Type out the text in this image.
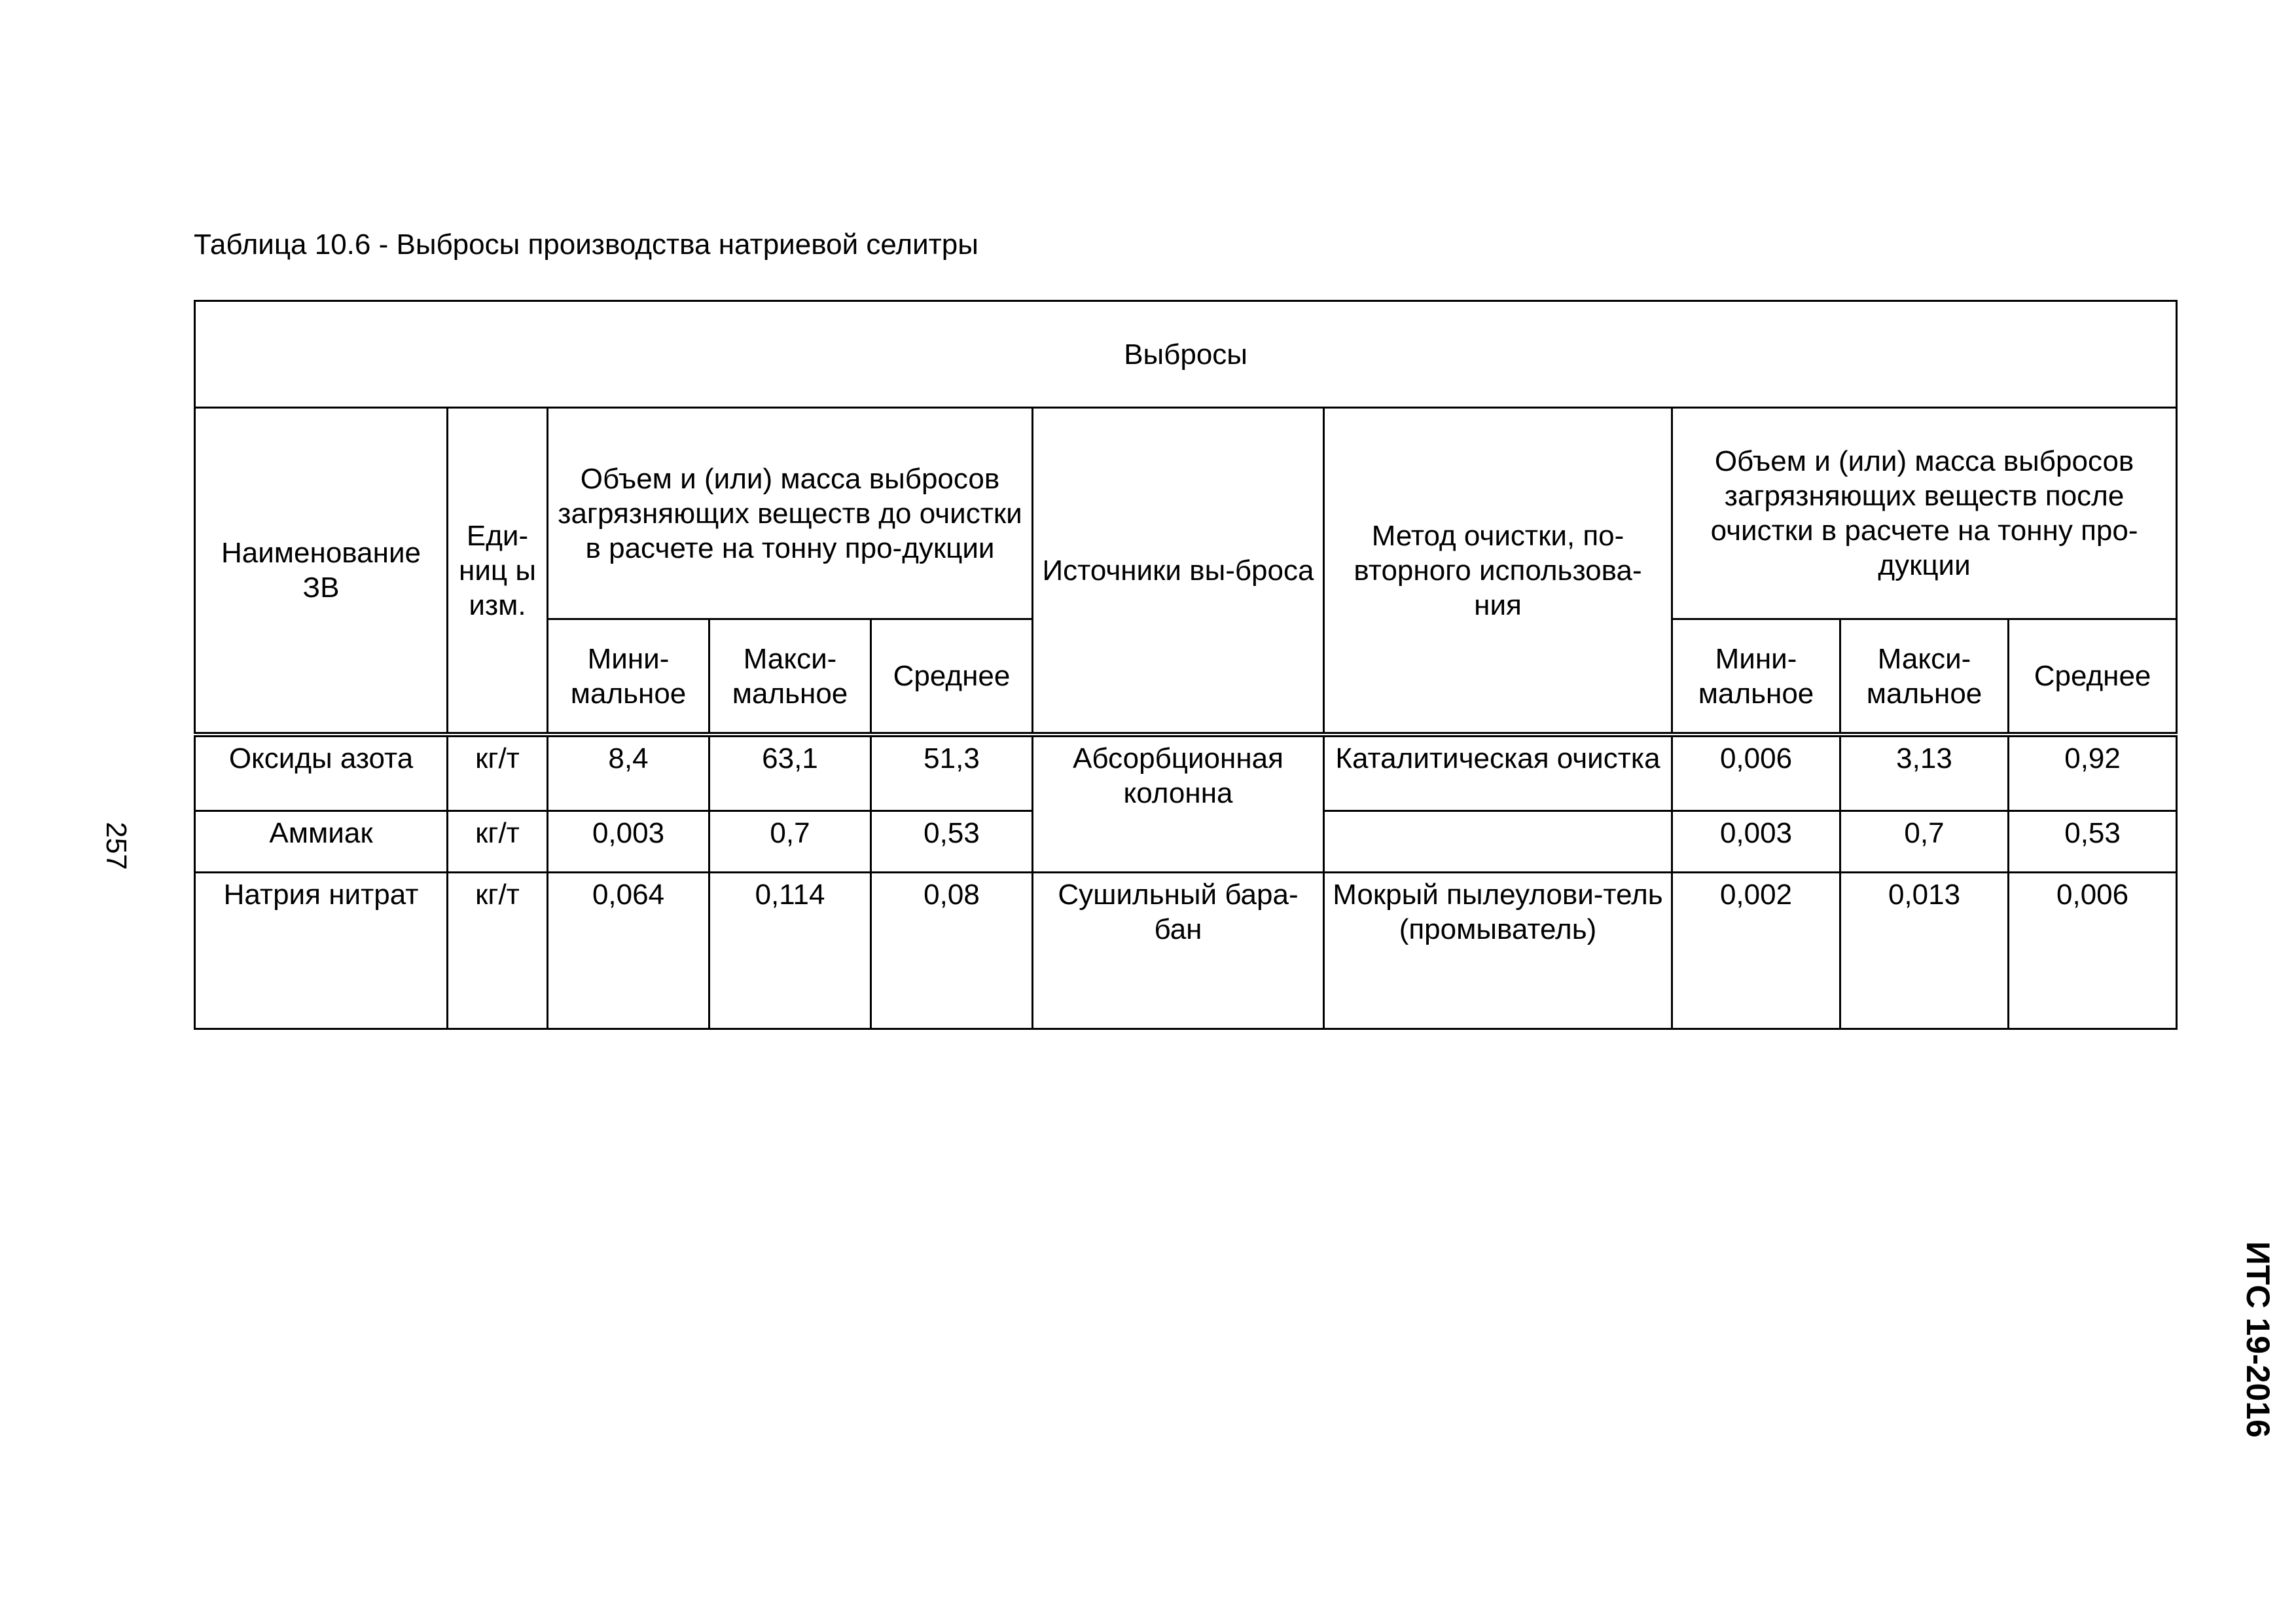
Таблица 10.6 - Выбросы производства натриевой селитры
Выбросы									
Наименование ЗВ	Еди-ниц ы изм.	Объем и (или) масса выбросов загрязняющих веществ до очистки в расчете на тонну про-дукции			Источники вы-броса	Метод очистки, по-вторного использова-ния	Объем и (или) масса выбросов загрязняющих веществ после очистки в расчете на тонну про-дукции		
		Мини-мальное	Макси-мальное	Среднее			Мини-мальное	Макси-мальное	Среднее
Оксиды азота	кг/т	8,4	63,1	51,3	Абсорбционная колонна	Каталитическая очистка	0,006	3,13	0,92
Аммиак	кг/т	0,003	0,7	0,53			0,003	0,7	0,53
Натрия нитрат	кг/т	0,064	0,114	0,08	Сушильный бара-бан	Мокрый пылеулови-тель (промыватель)	0,002	0,013	0,006
257
ИТС 19-2016
